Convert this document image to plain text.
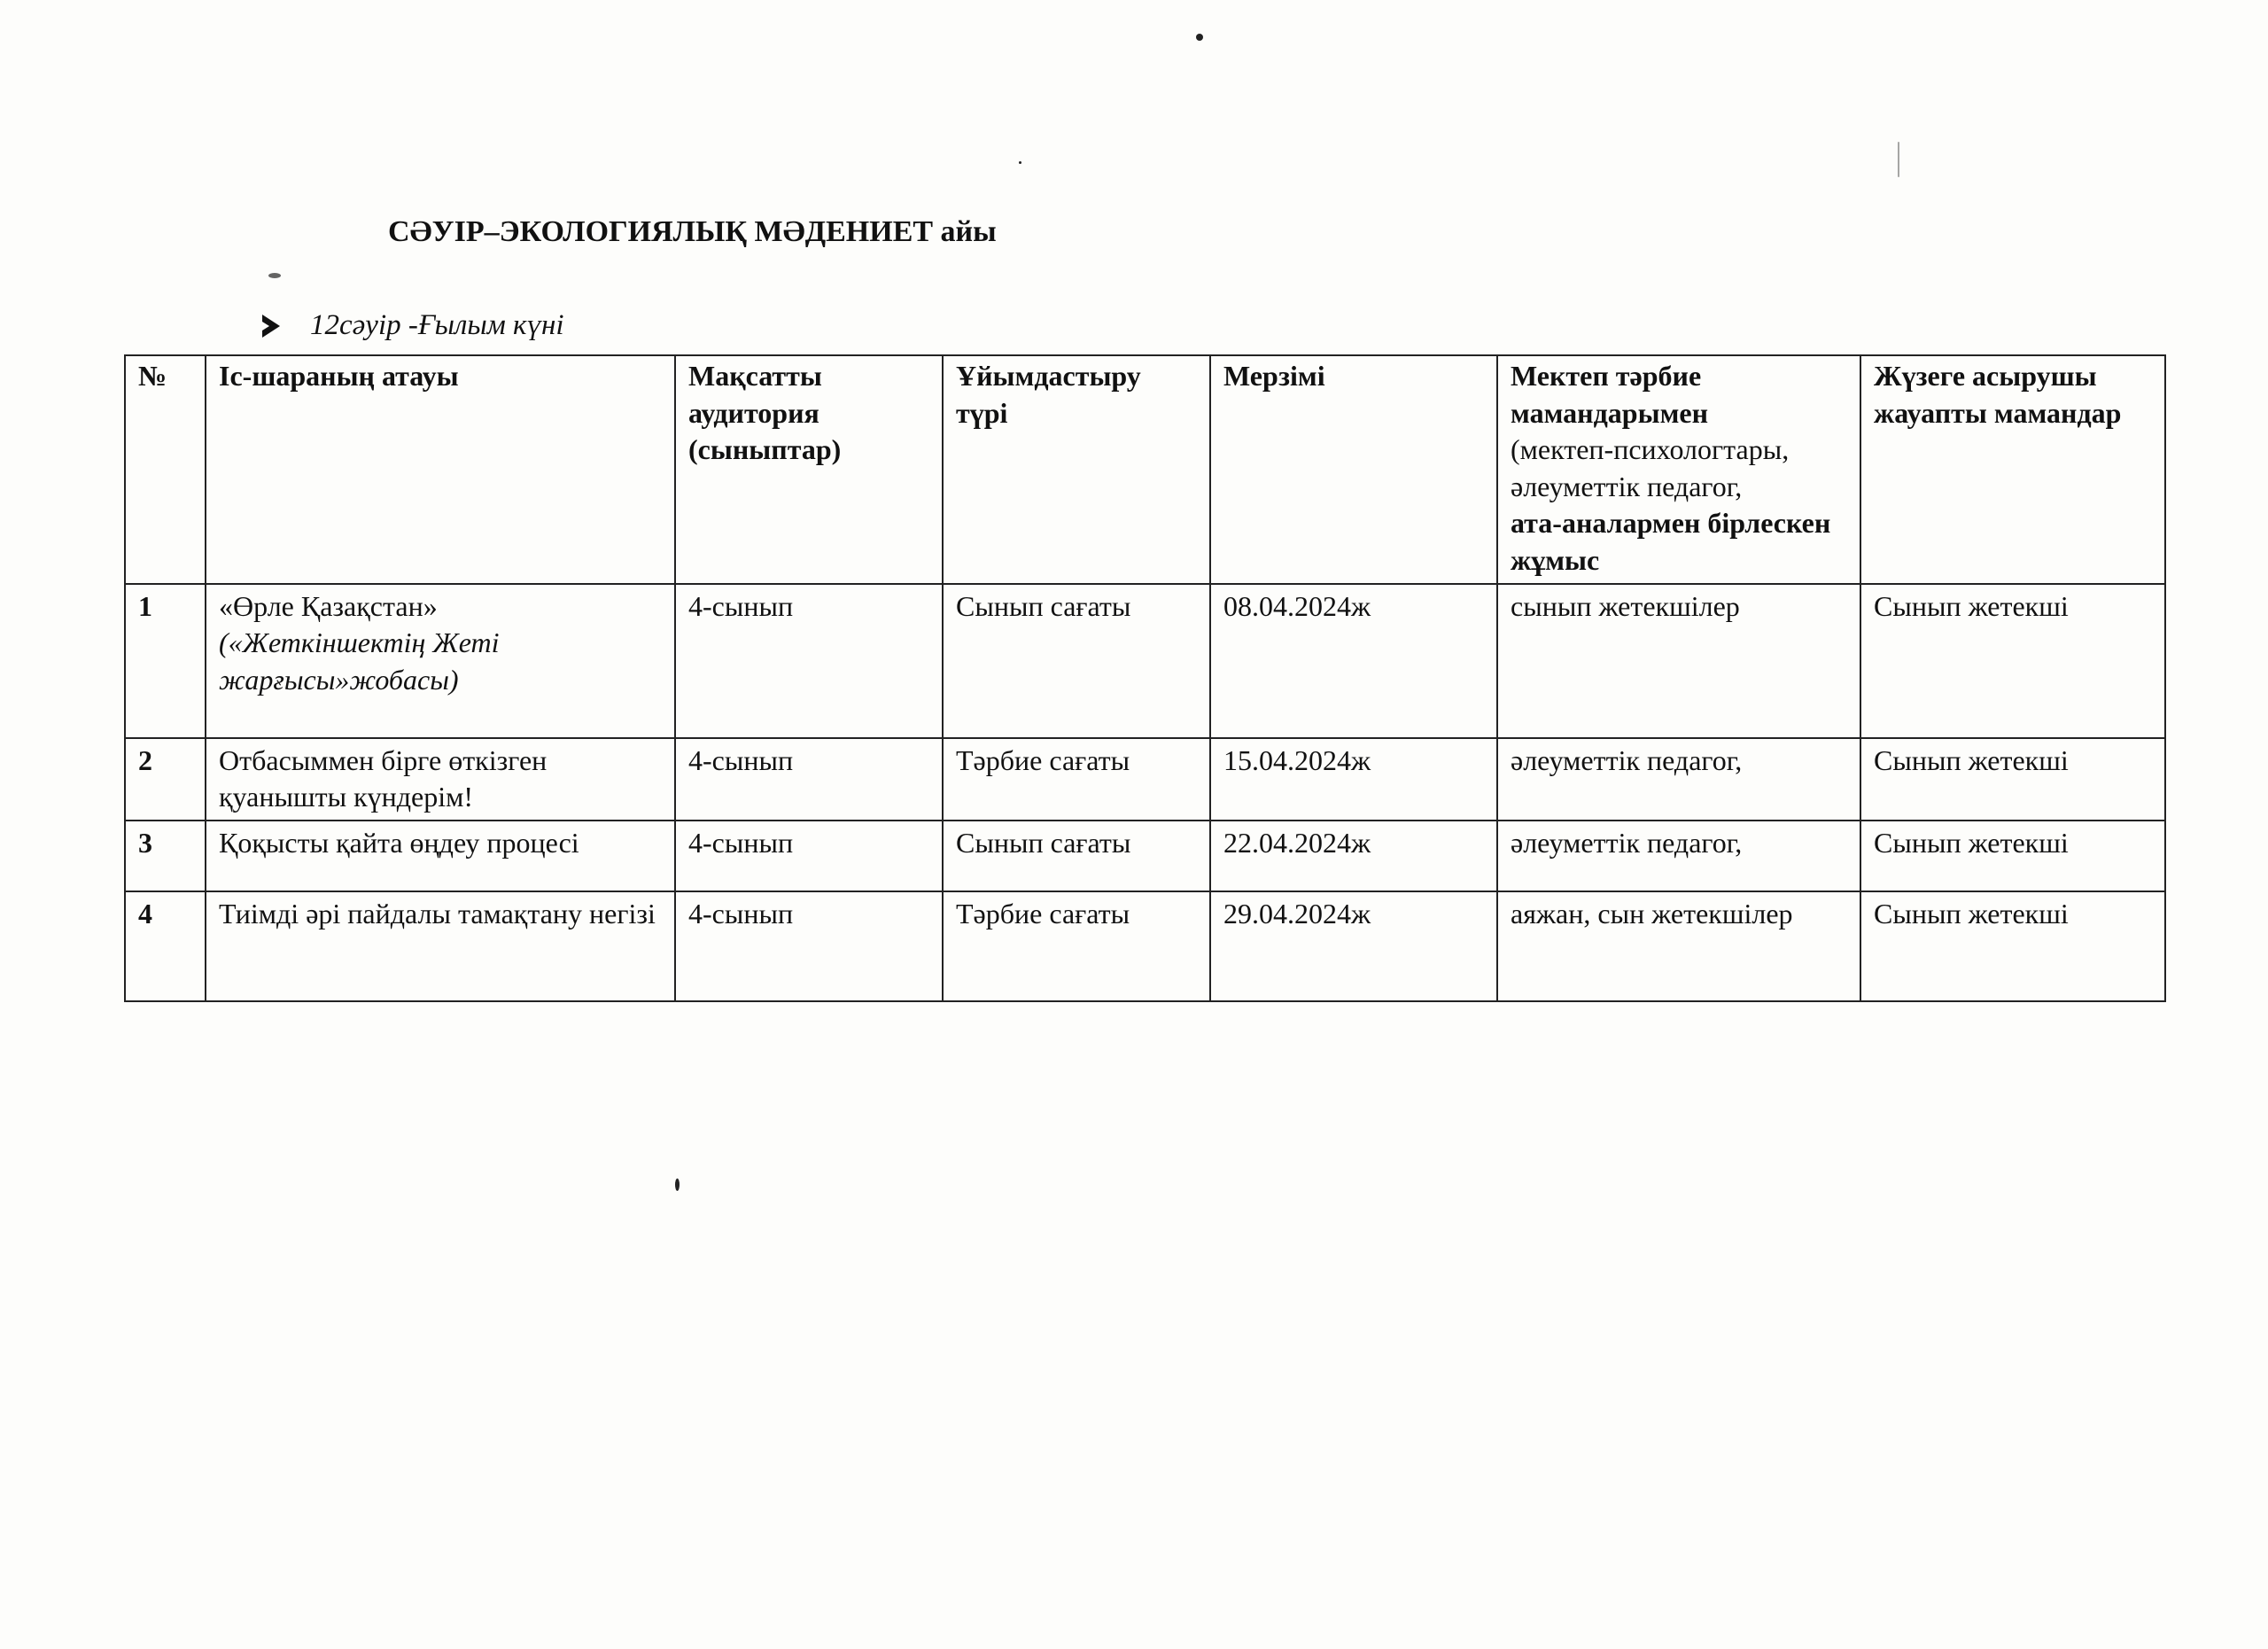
СӘУІР–ЭКОЛОГИЯЛЫҚ МӘДЕНИЕТ айы
12сәуір -Ғылым күні
№	Іс-шараның атауы	Мақсатты аудитория (сыныптар)	Ұйымдастыру түрі	Мерзімі	Мектеп тәрбие мамандарымен
(мектеп-психологтары, әлеуметтік педагог,
ата-аналармен бірлескен жұмыс	Жүзеге асырушы жауапты мамандар
1	«Өрле Қазақстан»
(«Жеткіншектің Жеті жарғысы»жобасы)	4-сынып	Сынып сағаты	08.04.2024ж	сынып жетекшілер	Сынып жетекші
2	Отбасыммен бірге өткізген қуанышты күндерім!	4-сынып	Тәрбие сағаты	15.04.2024ж	әлеуметтік педагог,	Сынып жетекші
3	Қоқысты қайта өңдеу процесі	4-сынып	Сынып сағаты	22.04.2024ж	әлеуметтік педагог,	Сынып жетекші
4	Тиімді әрі пайдалы тамақтану негізі	4-сынып	Тәрбие сағаты	29.04.2024ж	аяжан, сын жетекшілер	Сынып жетекші
